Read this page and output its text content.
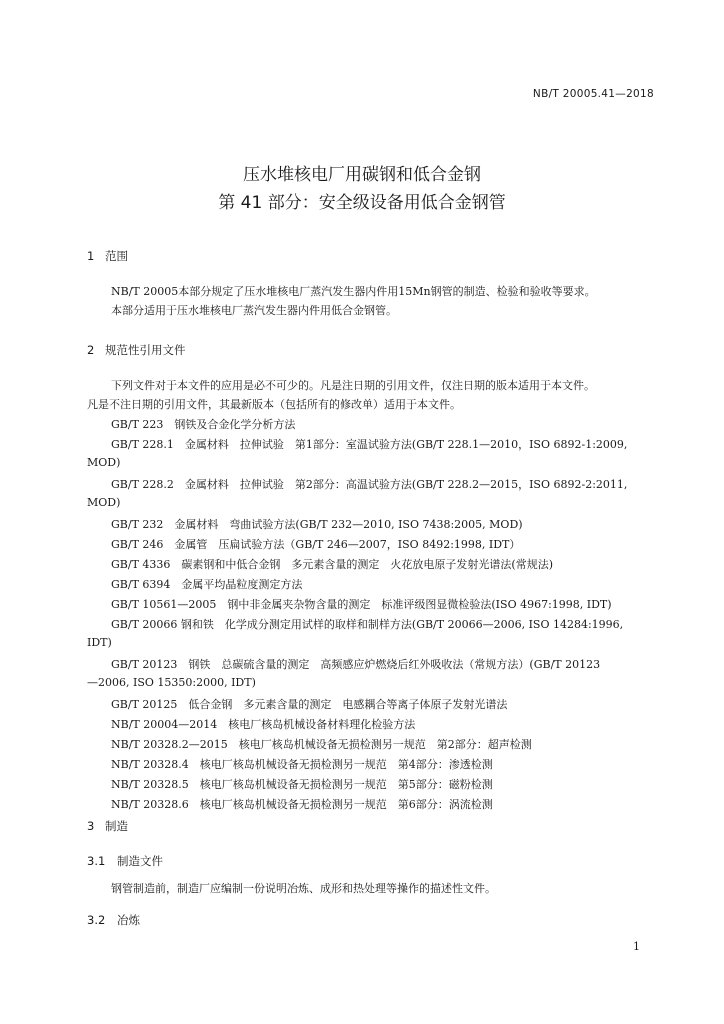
NB/T 20005.41—2018
压水堆核电厂用碳钢和低合金钢
第 41 部分：安全级设备用低合金钢管
1 范围
NB/T 20005本部分规定了压水堆核电厂蒸汽发生器内件用15Mn钢管的制造、检验和验收等要求。
本部分适用于压水堆核电厂蒸汽发生器内件用低合金钢管。
2 规范性引用文件
下列文件对于本文件的应用是必不可少的。凡是注日期的引用文件，仅注日期的版本适用于本文件。
凡是不注日期的引用文件，其最新版本（包括所有的修改单）适用于本文件。
GB/T 223　钢铁及合金化学分析方法
GB/T 228.1　金属材料　拉伸试验　第1部分：室温试验方法(GB/T 228.1—2010，ISO 6892-1:2009,
MOD)
GB/T 228.2　金属材料　拉伸试验　第2部分：高温试验方法(GB/T 228.2—2015，ISO 6892-2:2011,
MOD)
GB/T 232　金属材料　弯曲试验方法(GB/T 232—2010, ISO 7438:2005, MOD)
GB/T 246　金属管　压扁试验方法（GB/T 246—2007，ISO 8492:1998, IDT）
GB/T 4336　碳素钢和中低合金钢　多元素含量的测定　火花放电原子发射光谱法(常规法)
GB/T 6394　金属平均晶粒度测定方法
GB/T 10561—2005　钢中非金属夹杂物含量的测定　标准评级图显微检验法(ISO 4967:1998, IDT)
GB/T 20066 钢和铁　化学成分测定用试样的取样和制样方法(GB/T 20066—2006, ISO 14284:1996,
IDT)
GB/T 20123　钢铁　总碳硫含量的测定　高频感应炉燃烧后红外吸收法（常规方法）(GB/T 20123
—2006, ISO 15350:2000, IDT)
GB/T 20125　低合金钢　多元素含量的测定　电感耦合等离子体原子发射光谱法
NB/T 20004—2014　核电厂核岛机械设备材料理化检验方法
NB/T 20328.2—2015　核电厂核岛机械设备无损检测另一规范　第2部分：超声检测
NB/T 20328.4　核电厂核岛机械设备无损检测另一规范　第4部分：渗透检测
NB/T 20328.5　核电厂核岛机械设备无损检测另一规范　第5部分：磁粉检测
NB/T 20328.6　核电厂核岛机械设备无损检测另一规范　第6部分：涡流检测
3 制造
3.1 制造文件
钢管制造前，制造厂应编制一份说明冶炼、成形和热处理等操作的描述性文件。
3.2 冶炼
1
